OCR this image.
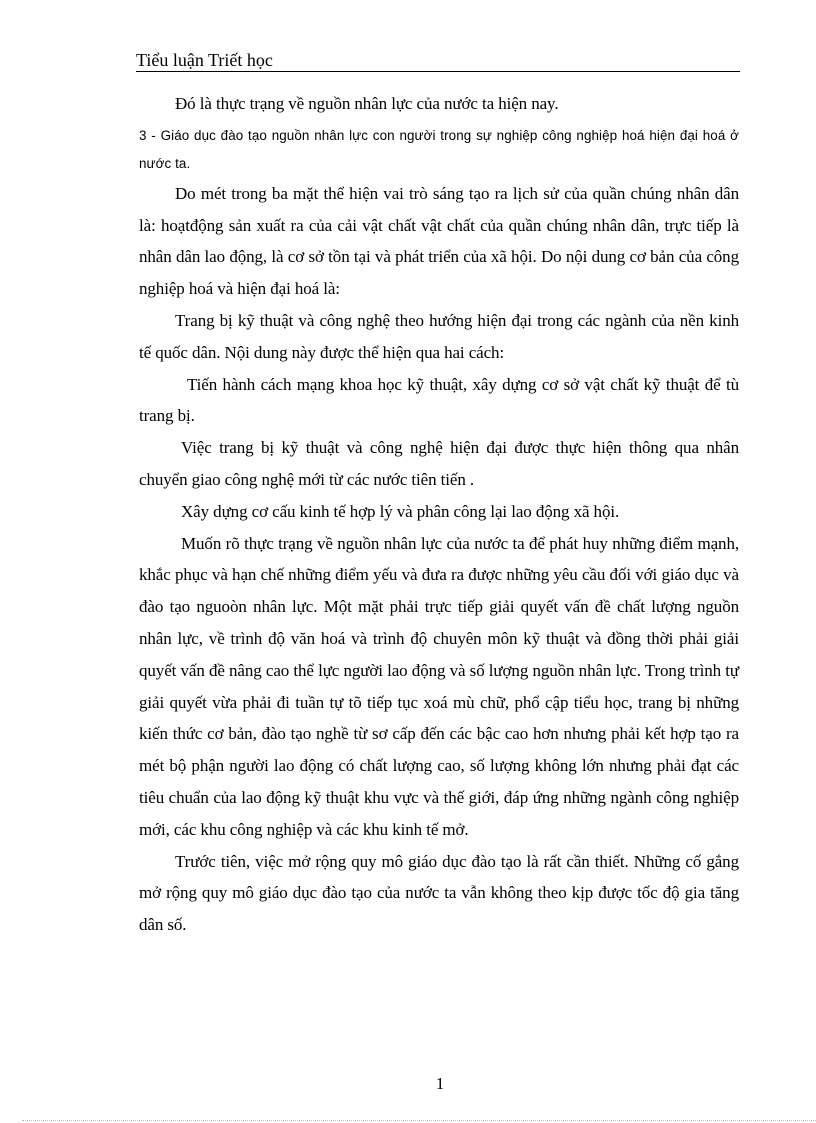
Tiểu luận Triết học

Đó là thực trạng về nguồn nhân lực của nước ta hiện nay.

3 - Giáo dục đào tạo nguồn nhân lực con người trong sự nghiệp công nghiệp hoá hiện đại hoá ở nước ta.

Do mét trong ba mặt thể hiện vai trò sáng tạo ra lịch sử của quần chúng nhân dân là: hoạtđộng sản xuất ra của cải vật chất vật chất của quần chúng nhân dân, trực tiếp là nhân dân lao động, là cơ sở tồn tại và phát triển của xã hội. Do nội dung cơ bản của công nghiệp hoá và hiện đại hoá là:

Trang bị kỹ thuật và công nghệ theo hướng hiện đại trong các ngành của nền kinh tế quốc dân. Nội dung này được thể hiện qua hai cách:

Tiến hành cách mạng khoa học kỹ thuật, xây dựng cơ sở vật chất kỹ thuật để tù trang bị.

Việc trang bị kỹ thuật và công nghệ hiện đại được thực hiện thông qua nhân chuyển giao công nghệ mới từ các nước tiên tiến .

Xây dựng cơ cấu kinh tế hợp lý và phân công lại lao động xã hội.

Muốn rõ thực trạng về nguồn nhân lực của nước ta để phát huy những điểm mạnh, khắc phục và hạn chế những điểm yếu và đưa ra được những yêu cầu đối với giáo dục và đào tạo nguoòn nhân lực. Một mặt phải trực tiếp giải quyết vấn đề chất lượng nguồn nhân lực, về trình độ văn hoá và trình độ chuyên môn kỹ thuật và đồng thời phải giải quyết vấn đề nâng cao thể lực người lao động và số lượng nguồn nhân lực. Trong trình tự giải quyết vừa phải đi tuần tự tõ tiếp tục xoá mù chữ, phổ cập tiểu học, trang bị những kiến thức cơ bản, đào tạo nghề từ sơ cấp đến các bậc cao hơn nhưng phải kết hợp tạo ra mét bộ phận người lao động có chất lượng cao, số lượng không lớn nhưng phải đạt các tiêu chuẩn của lao động kỹ thuật khu vực và thế giới, đáp ứng những ngành công nghiệp mới, các khu công nghiệp và các khu kinh tế mở.

Trước tiên, việc mở rộng quy mô giáo dục đào tạo là rất cần thiết. Những cố gắng mở rộng quy mô giáo dục đào tạo của nước ta vẫn không theo kịp được tốc độ gia tăng dân số.

1
